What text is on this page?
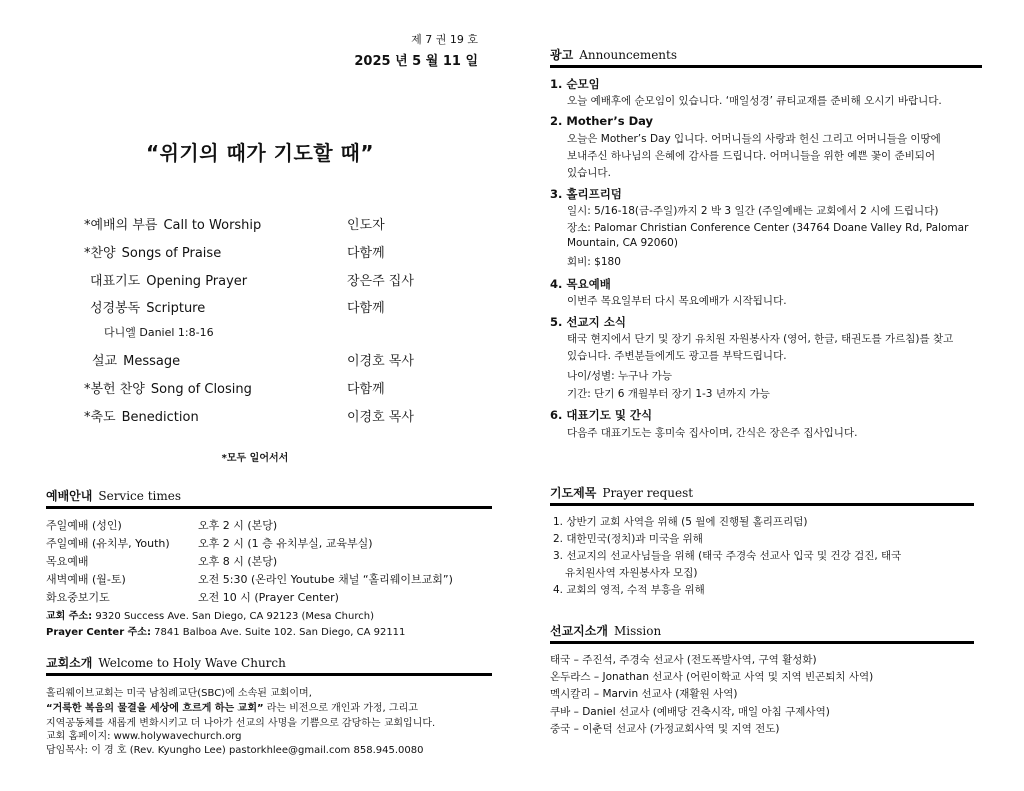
제 7 권 19 호
2025 년 5 월 11 일
“위기의 때가 기도할 때”
*예배의 부름 Call to Worship	인도자
*찬양 Songs of Praise	다함께
대표기도 Opening Prayer	장은주 집사
성경봉독 Scripture	다함께
다니엘 Daniel 1:8-16
설교 Message	이경호 목사
*봉헌 찬양 Song of Closing	다함께
*축도 Benediction	이경호 목사
*모두 일어서서
예배안내 Service times
주일예배 (성인)	오후 2 시 (본당)
주일예배 (유치부, Youth)	오후 2 시 (1 층 유치부실, 교육부실)
목요예배	오후 8 시 (본당)
새벽예배 (월-토)	오전 5:30 (온라인 Youtube 채널 “홀리웨이브교회”)
화요중보기도	오전 10 시 (Prayer Center)
교회 주소: 9320 Success Ave. San Diego, CA 92123 (Mesa Church)
Prayer Center 주소: 7841 Balboa Ave. Suite 102. San Diego, CA 92111
교회소개 Welcome to Holy Wave Church
홀리웨이브교회는 미국 남침례교단(SBC)에 소속된 교회이며,
“거룩한 복음의 물결을 세상에 흐르게 하는 교회” 라는 비전으로 개인과 가정, 그리고
지역공동체를 새롭게 변화시키고 더 나아가 선교의 사명을 기쁨으로 감당하는 교회입니다.
교회 홈페이지: www.holywavechurch.org
담임목사: 이 경 호 (Rev. Kyungho Lee) pastorkhlee@gmail.com 858.945.0080
광고 Announcements
1. 순모임
오늘 예배후에 순모임이 있습니다. ‘매일성경’ 큐티교재를 준비해 오시기 바랍니다.
2. Mother’s Day
오늘은 Mother’s Day 입니다. 어머니들의 사랑과 헌신 그리고 어머니들을 이땅에
보내주신 하나님의 은혜에 감사를 드립니다. 어머니들을 위한 예쁜 꽃이 준비되어
있습니다.
3. 홀리프리덤
일시: 5/16-18(금-주일)까지 2 박 3 일간 (주일예배는 교회에서 2 시에 드립니다)
장소: Palomar Christian Conference Center (34764 Doane Valley Rd, Palomar
Mountain, CA 92060)
회비: $180
4. 목요예배
이번주 목요일부터 다시 목요예배가 시작됩니다.
5. 선교지 소식
태국 현지에서 단기 및 장기 유치원 자원봉사자 (영어, 한글, 태권도를 가르침)를 찾고
있습니다. 주변분들에게도 광고를 부탁드립니다.
나이/성별: 누구나 가능
기간: 단기 6 개월부터 장기 1-3 년까지 가능
6. 대표기도 및 간식
다음주 대표기도는 홍미숙 집사이며, 간식은 장은주 집사입니다.
기도제목 Prayer request
1. 상반기 교회 사역을 위해 (5 월에 진행될 홀리프리덤)
2. 대한민국(정치)과 미국을 위해
3. 선교지의 선교사님들을 위해 (태국 주경숙 선교사 입국 및 건강 검진, 태국
유치원사역 자원봉사자 모집)
4. 교회의 영적, 수적 부흥을 위해
선교지소개 Mission
태국 – 주진석, 주경숙 선교사 (전도폭발사역, 구역 활성화)
온두라스 – Jonathan 선교사 (어린이학교 사역 및 지역 빈곤퇴치 사역)
멕시칼리 – Marvin 선교사 (재활원 사역)
쿠바 – Daniel 선교사 (예배당 건축시작, 매일 아침 구제사역)
중국 – 이춘덕 선교사 (가정교회사역 및 지역 전도)
